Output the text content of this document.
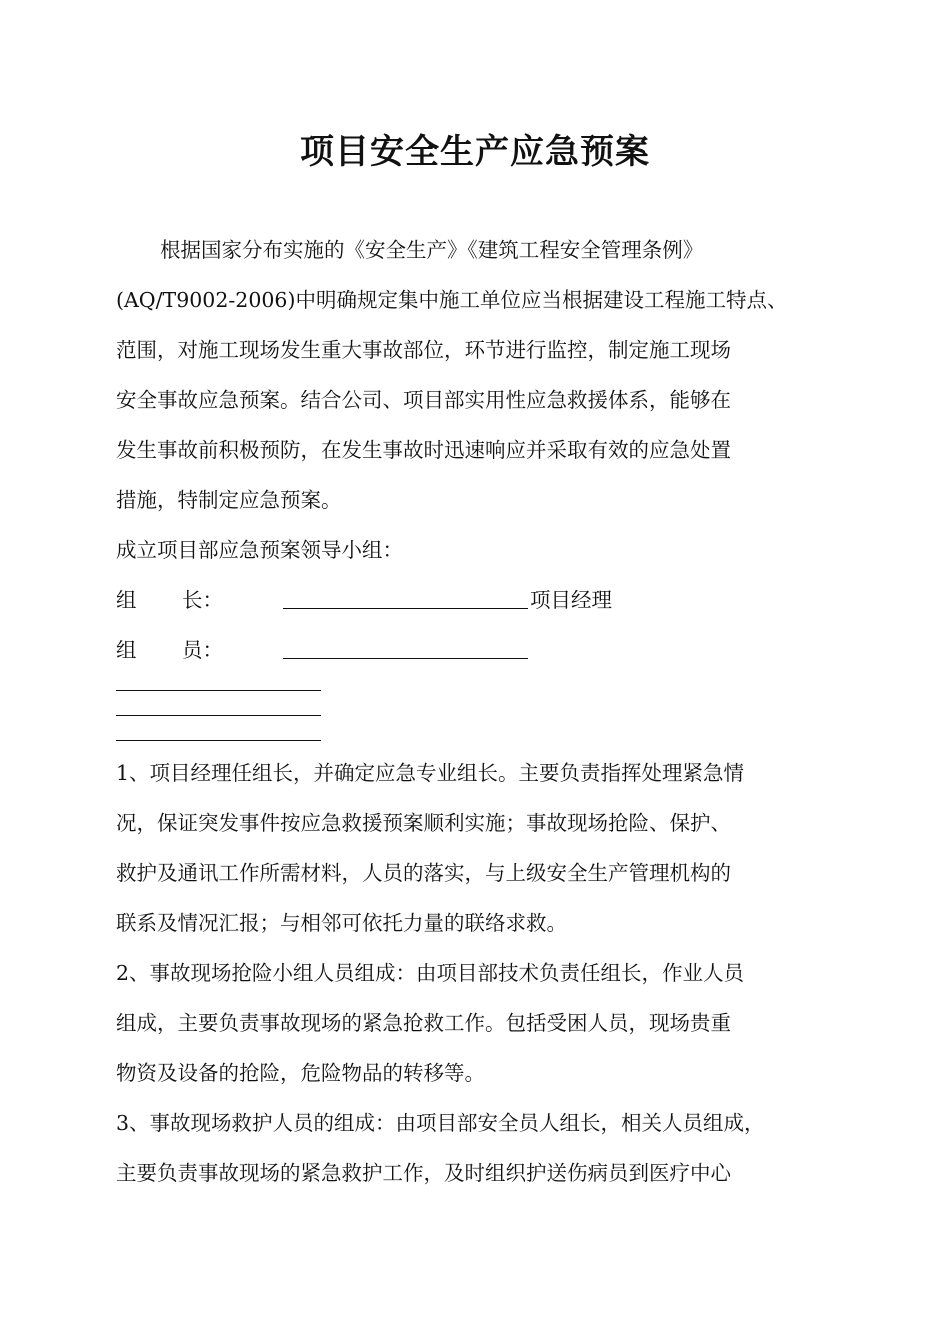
项目安全生产应急预案
根据国家分布实施的《安全生产》《建筑工程安全管理条例》
(AQ/T9002-2006)中明确规定集中施工单位应当根据建设工程施工特点、
范围，对施工现场发生重大事故部位，环节进行监控，制定施工现场
安全事故应急预案。结合公司、项目部实用性应急救援体系，能够在
发生事故前积极预防，在发生事故时迅速响应并采取有效的应急处置
措施，特制定应急预案。
成立项目部应急预案领导小组：
组 长：	项目经理
组 员：
1、项目经理任组长，并确定应急专业组长。主要负责指挥处理紧急情
况，保证突发事件按应急救援预案顺利实施；事故现场抢险、保护、
救护及通讯工作所需材料，人员的落实，与上级安全生产管理机构的
联系及情况汇报；与相邻可依托力量的联络求救。
2、事故现场抢险小组人员组成：由项目部技术负责任组长，作业人员
组成，主要负责事故现场的紧急抢救工作。包括受困人员，现场贵重
物资及设备的抢险，危险物品的转移等。
3、事故现场救护人员的组成：由项目部安全员人组长，相关人员组成，
主要负责事故现场的紧急救护工作，及时组织护送伤病员到医疗中心
